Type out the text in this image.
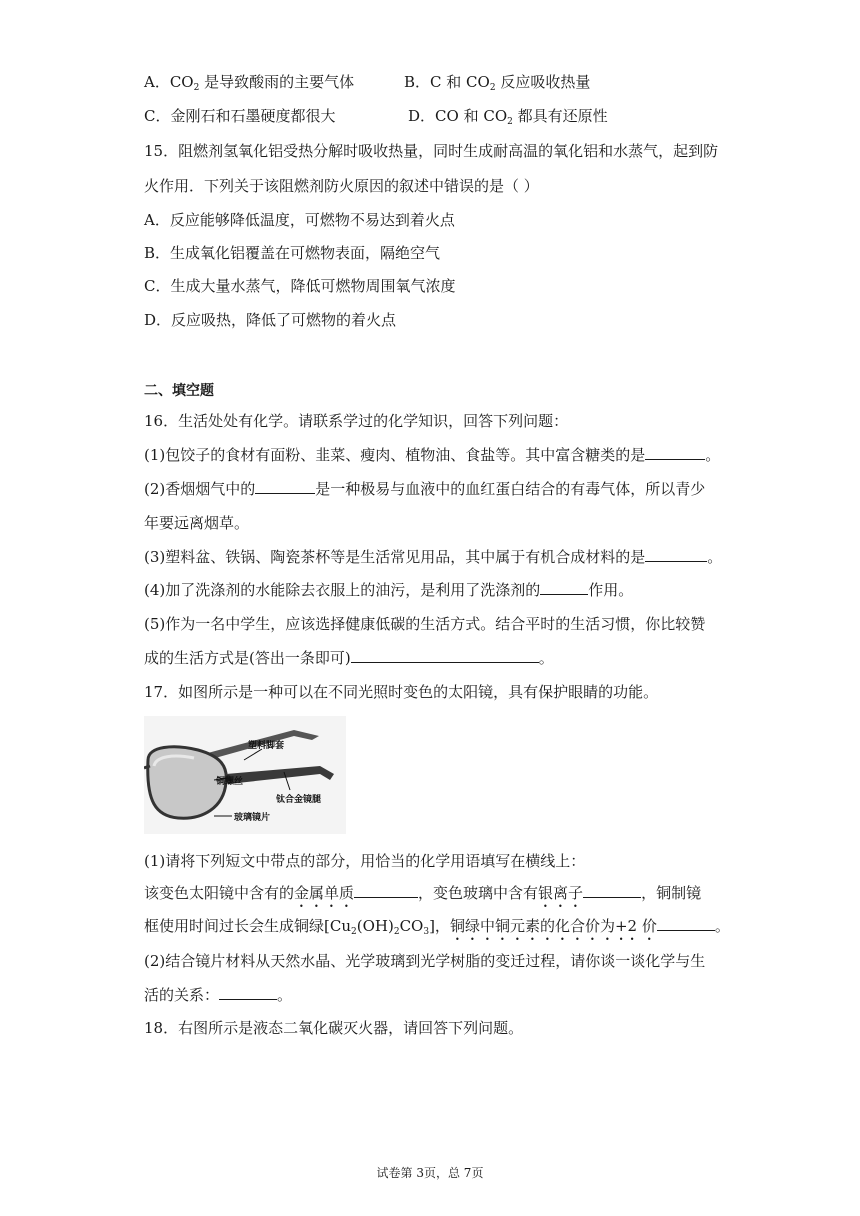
A．$CO_2$ 是导致酸雨的主要气体	B．C 和 $CO_2$ 反应吸收热量
C．金刚石和石墨硬度都很大	D．CO 和 $CO_2$ 都具有还原性
15．阻燃剂氢氧化铝受热分解时吸收热量，同时生成耐高温的氧化铝和水蒸气，起到防
火作用．下列关于该阻燃剂防火原因的叙述中错误的是（ ）
A．反应能够降低温度，可燃物不易达到着火点
B．生成氧化铝覆盖在可燃物表面，隔绝空气
C．生成大量水蒸气，降低可燃物周围氧气浓度
D．反应吸热，降低了可燃物的着火点
二、填空题
16．生活处处有化学。请联系学过的化学知识，回答下列问题：
(1)包饺子的食材有面粉、韭菜、瘦肉、植物油、食盐等。其中富含糖类的是	。
(2)香烟烟气中的	是一种极易与血液中的血红蛋白结合的有毒气体，所以青少
年要远离烟草。
(3)塑料盆、铁锅、陶瓷茶杯等是生活常见用品，其中属于有机合成材料的是	。
(4)加了洗涤剂的水能除去衣服上的油污，是利用了洗涤剂的	作用。
(5)作为一名中学生，应该选择健康低碳的生活方式。结合平时的生活习惯，你比较赞
成的生活方式是(答出一条即可)	。
17．如图所示是一种可以在不同光照时变色的太阳镜，具有保护眼睛的功能。
塑料脚套
铜螺丝
钛合金镜腿
玻璃镜片
(1)请将下列短文中带点的部分，用恰当的化学用语填写在横线上：
该变色太阳镜中含有的金属单质	，变色玻璃中含有银离子	，铜制镜
框使用时间过长会生成铜绿$[Cu_2(OH)_2CO_3]$，铜绿中铜元素的化合价为+2 价	。
(2)结合镜片材料从天然水晶、光学玻璃到光学树脂的变迁过程，请你谈一谈化学与生
活的关系：	。
18．右图所示是液态二氧化碳灭火器，请回答下列问题。
试卷第 3页，总 7页
